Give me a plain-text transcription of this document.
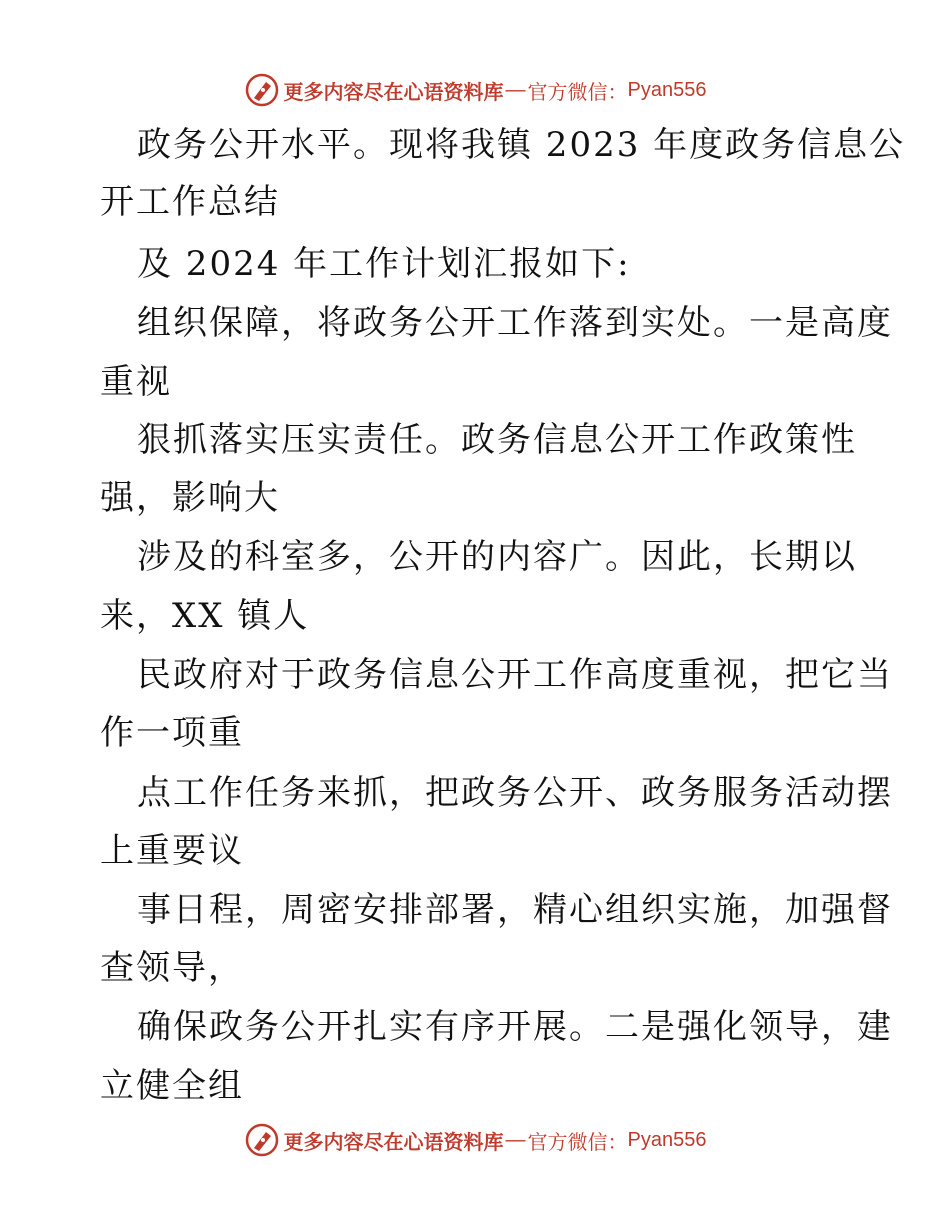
更多内容尽在心语资料库 — 官方微信： Pyan556
政务公开水平。现将我镇 2023 年度政务信息公
开工作总结
及 2024 年工作计划汇报如下:
组织保障，将政务公开工作落到实处。一是高度
重视
狠抓落实压实责任。政务信息公开工作政策性
强，影响大
涉及的科室多，公开的内容广。因此，长期以
来，XX 镇人
民政府对于政务信息公开工作高度重视，把它当
作一项重
点工作任务来抓，把政务公开、政务服务活动摆
上重要议
事日程，周密安排部署，精心组织实施，加强督
查领导，
确保政务公开扎实有序开展。二是强化领导，建
立健全组
更多内容尽在心语资料库 — 官方微信： Pyan556
